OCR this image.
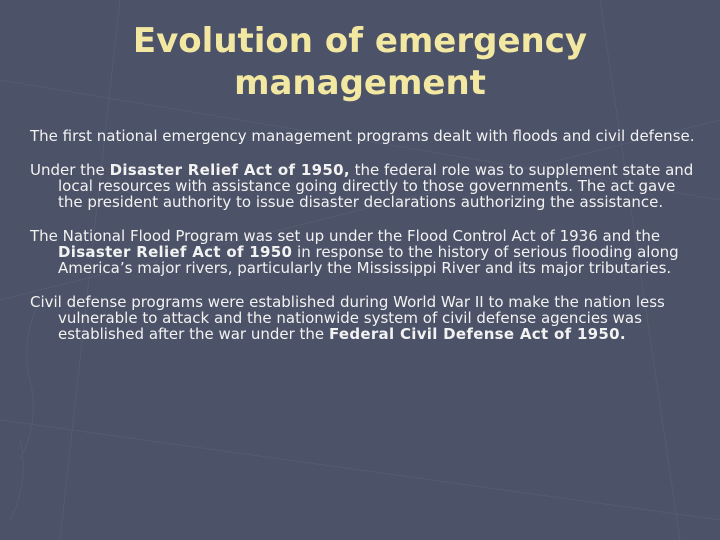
Evolution of emergency management

The first national emergency management programs dealt with floods and civil defense.

Under the Disaster Relief Act of 1950, the federal role was to supplement state and local resources with assistance going directly to those governments. The act gave the president authority to issue disaster declarations authorizing the assistance.

The National Flood Program was set up under the Flood Control Act of 1936 and the Disaster Relief Act of 1950 in response to the history of serious flooding along America’s major rivers, particularly the Mississippi River and its major tributaries.

Civil defense programs were established during World War II to make the nation less vulnerable to attack and the nationwide system of civil defense agencies was established after the war under the Federal Civil Defense Act of 1950.
